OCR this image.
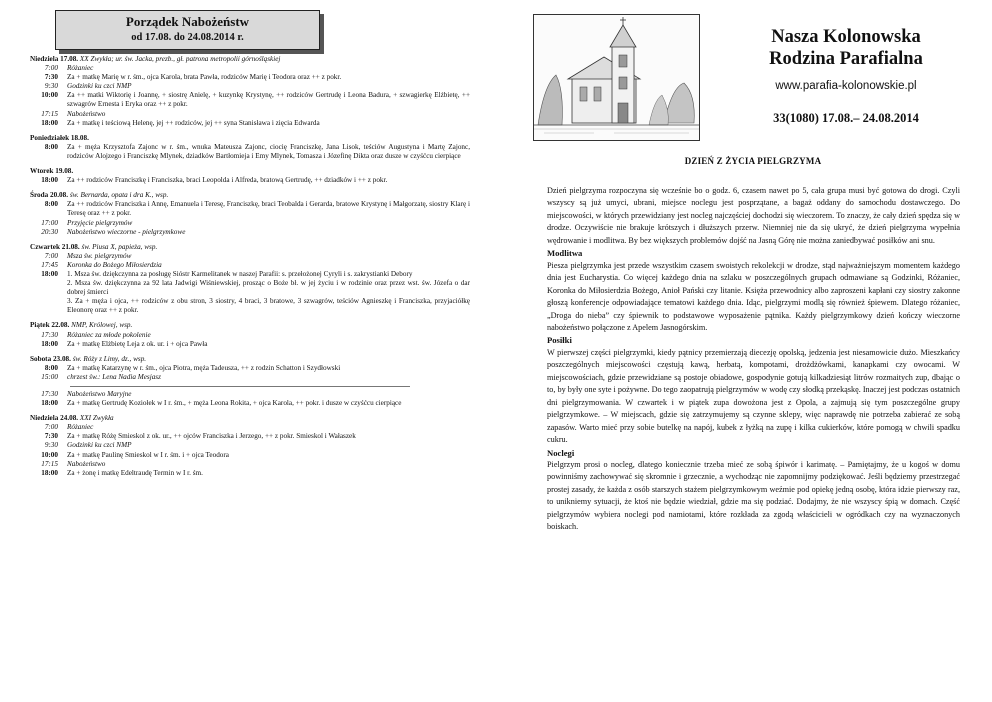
Porządek Nabożeństw
od 17.08. do 24.08.2014 r.
Niedziela 17.08. XX Zwykła; ur. św. Jacka, prezb., gł. patrona metropolii górnośląskiej
7:00	Różaniec
7:30	Za + matkę Marię w r. śm., ojca Karola, brata Pawła, rodziców Marię i Teodora oraz ++ z pokr.
9:30	Godzinki ku czci NMP
10:00	Za ++ matki Wiktorię i Joannę, + siostrę Anielę, + kuzynkę Krystynę, ++ rodziców Gertrudę i Leona Badura, + szwagierkę Elżbietę, ++ szwagrów Ernesta i Eryka oraz ++ z pokr.
17:15	Nabożeństwo
18:00	Za + matkę i teściową Helenę, jej ++ rodziców, jej ++ syna Stanisława i zięcia Edwarda
Poniedziałek 18.08.
8:00	Za + męża Krzysztofa Zajonc w r. śm., wnuka Mateusza Zajonc, ciocię Franciszkę, Jana Lisok, teściów Augustyna i Martę Zajonc, rodziców Alojzego i Franciszkę Mlynek, dziadków Bartłomieja i Emy Mlynek, Tomasza i Józefinę Dikta oraz dusze w czyśćcu cierpiące
Wtorek 19.08.
18:00	Za ++ rodziców Franciszkę i Franciszka, braci Leopolda i Alfreda, bratową Gertrudę, ++ dziadków i ++ z pokr.
Środa 20.08. św. Bernarda, opata i dra K., wsp.
8:00	Za ++ rodziców Franciszka i Annę, Emanuela i Teresę, Franciszkę, braci Teobalda i Gerarda, bratowe Krystynę i Małgorzatę, siostry Klarę i Teresę oraz ++ z pokr.
17:00	Przyjęcie pielgrzymów
20:30	Nabożeństwo wieczorne - pielgrzymkowe
Czwartek 21.08. św. Piusa X, papieża, wsp.
7:00	Msza św. pielgrzymów
17:45	Koronka do Bożego Miłosierdzia
18:00	1. Msza św. dziękczynna za posługę Sióstr Karmelitanek w naszej Parafii: s. przełożonej Cyryli i s. zakrystianki Debory
2. Msza św. dziękczynna za 92 lata Jadwigi Wiśniewskiej, prosząc o Boże bł. w jej życiu i w rodzinie oraz przez wst. św. Józefa o dar dobrej śmierci
3. Za + męża i ojca, ++ rodziców z obu stron, 3 siostry, 4 braci, 3 bratowe, 3 szwagrów, teściów Agnieszkę i Franciszka, przyjaciółkę Eleonorę oraz ++ z pokr.
Piątek 22.08. NMP, Królowej, wsp.
17:30	Różaniec za młode pokolenie
18:00	Za + matkę Elżbietę Leja z ok. ur. i + ojca Pawła
Sobota 23.08. św. Róży z Limy, dz., wsp.
8:00	Za + matkę Katarzynę w r. śm., ojca Piotra, męża Tadeusza, ++ z rodzin Schatton i Szydłowski
15:00	chrzest św.: Lena Nadia Mesjasz
17:30	Nabożeństwo Maryjne
18:00	Za + matkę Gertrudę Koziołek w I r. śm., + męża Leona Rokita, + ojca Karola, ++ pokr. i dusze w czyśćcu cierpiące
Niedziela 24.08. XXI Zwykła
7:00	Różaniec
7:30	Za + matkę Różę Smieskol z ok. ur., ++ ojców Franciszka i Jerzego, ++ z pokr. Smieskol i Wałaszek
9:30	Godzinki ku czci NMP
10:00	Za + matkę Paulinę Smieskol w I r. śm. i + ojca Teodora
17:15	Nabożeństwo
18:00	Za + żonę i matkę Edeltraudę Termin w I r. śm.
Nasza Kolonowska
Rodzina Parafialna
www.parafia-kolonowskie.pl
33(1080) 17.08.– 24.08.2014
DZIEŃ Z ŻYCIA PIELGRZYMA

Dzień pielgrzyma rozpoczyna się wcześnie bo o godz. 6, czasem nawet po 5, cała grupa musi być gotowa do drogi. Czyli wszyscy są już umyci, ubrani, miejsce noclegu jest posprzątane, a bagaż oddany do samochodu dostawczego. Do miejscowości, w których przewidziany jest nocleg najczęściej dochodzi się wieczorem. To znaczy, że cały dzień spędza się w drodze. Oczywiście nie brakuje krótszych i dłuższych przerw. Niemniej nie da się ukryć, że dzień pielgrzyma wypełnia wędrowanie i modlitwa. By bez większych problemów dojść na Jasną Górę nie można zaniedbywać posiłków ani snu.

Modlitwa

Piesza pielgrzymka jest przede wszystkim czasem swoistych rekolekcji w drodze, stąd najważniejszym momentem każdego dnia jest Eucharystia. Co więcej każdego dnia na szlaku w poszczególnych grupach odmawiane są Godzinki, Różaniec, Koronka do Miłosierdzia Bożego, Anioł Pański czy litanie. Księża przewodnicy albo zaproszeni kapłani czy siostry zakonne głoszą konferencje odpowiadające tematowi każdego dnia. Idąc, pielgrzymi modlą się również śpiewem. Dlatego różaniec, „Droga do nieba” czy śpiewnik to podstawowe wyposażenie pątnika. Każdy pielgrzymkowy dzień kończy wieczorne nabożeństwo połączone z Apelem Jasnogórskim.

Posiłki

W pierwszej części pielgrzymki, kiedy pątnicy przemierzają diecezję opolską, jedzenia jest niesamowicie dużo. Mieszkańcy poszczególnych miejscowości częstują kawą, herbatą, kompotami, drożdżówkami, kanapkami czy owocami. W miejscowościach, gdzie przewidziane są postoje obiadowe, gospodynie gotują kilkadziesiąt litrów rozmaitych zup, dbając o to, by były one syte i pożywne. Do tego zaopatrują pielgrzymów w wodę czy słodką przekąskę. Inaczej jest podczas ostatnich dni pielgrzymowania. W czwartek i w piątek zupa dowożona jest z Opola, a zajmują się tym poszczególne grupy pielgrzymkowe. – W miejscach, gdzie się zatrzymujemy są czynne sklepy, więc naprawdę nie potrzeba zabierać ze sobą zapasów. Warto mieć przy sobie butelkę na napój, kubek z łyżką na zupę i kilka cukierków, które pomogą w chwili spadku cukru.

Noclegi

Pielgrzym prosi o nocleg, dlatego koniecznie trzeba mieć ze sobą śpiwór i karimatę. – Pamiętajmy, że u kogoś w domu powinniśmy zachowywać się skromnie i grzecznie, a wychodząc nie zapomnijmy podziękować. Jeśli będziemy przestrzegać prostej zasady, że każda z osób starszych stażem pielgrzymkowym weźmie pod opiekę jedną osobę, która idzie pierwszy raz, to unikniemy sytuacji, że ktoś nie będzie wiedział, gdzie ma się podziać. Dodajmy, że nie wszyscy śpią w domach. Część pielgrzymów wybiera noclegi pod namiotami, które rozkłada za zgodą właścicieli w ogródkach czy na wyznaczonych boiskach.
